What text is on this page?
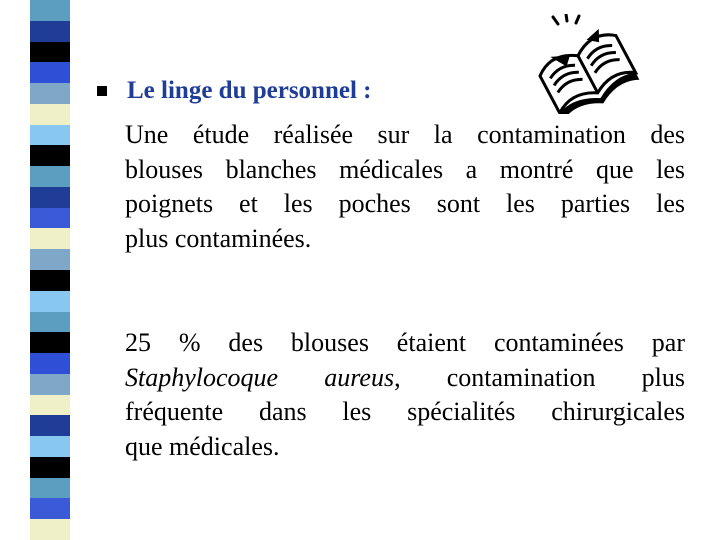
Le linge du personnel :
Une étude réalisée sur la contamination des
blouses blanches médicales a montré que les
poignets et les poches sont les parties les
plus contaminées.
25 % des blouses étaient contaminées par
Staphylocoque aureus, contamination plus
fréquente dans les spécialités chirurgicales
que médicales.
